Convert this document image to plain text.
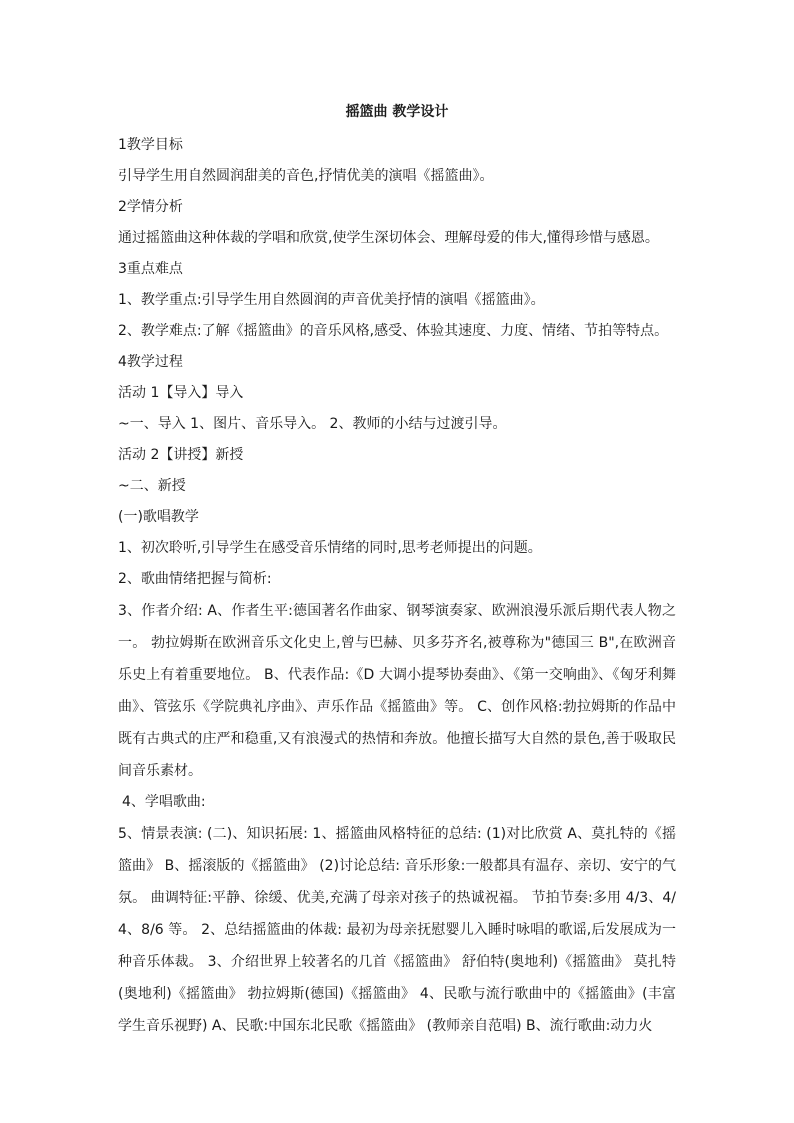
摇篮曲 教学设计
1教学目标
引导学生用自然圆润甜美的音色,抒情优美的演唱《摇篮曲》。
2学情分析
通过摇篮曲这种体裁的学唱和欣赏,使学生深切体会、理解母爱的伟大,懂得珍惜与感恩。
3重点难点
1、教学重点:引导学生用自然圆润的声音优美抒情的演唱《摇篮曲》。
2、教学难点:了解《摇篮曲》的音乐风格,感受、体验其速度、力度、情绪、节拍等特点。
4教学过程
活动 1【导入】导入
~一、导入 1、图片、音乐导入。 2、教师的小结与过渡引导。
活动 2【讲授】新授
~二、新授
(一)歌唱教学
1、初次聆听,引导学生在感受音乐情绪的同时,思考老师提出的问题。
2、歌曲情绪把握与简析:
3、作者介绍: A、作者生平:德国著名作曲家、钢琴演奏家、欧洲浪漫乐派后期代表人物之一。 勃拉姆斯在欧洲音乐文化史上,曾与巴赫、贝多芬齐名,被尊称为"德国三 B",在欧洲音乐史上有着重要地位。 B、代表作品:《D 大调小提琴协奏曲》、《第一交响曲》、《匈牙利舞曲》、管弦乐《学院典礼序曲》、声乐作品《摇篮曲》等。 C、创作风格:勃拉姆斯的作品中既有古典式的庄严和稳重,又有浪漫式的热情和奔放。他擅长描写大自然的景色,善于吸取民间音乐素材。
4、学唱歌曲:
5、情景表演: (二)、知识拓展: 1、摇篮曲风格特征的总结: (1)对比欣赏 A、莫扎特的《摇篮曲》 B、摇滚版的《摇篮曲》 (2)讨论总结: 音乐形象:一般都具有温存、亲切、安宁的气氛。 曲调特征:平静、徐缓、优美,充满了母亲对孩子的热诚祝福。 节拍节奏:多用 4/3、4/4、8/6 等。 2、总结摇篮曲的体裁: 最初为母亲抚慰婴儿入睡时咏唱的歌谣,后发展成为一种音乐体裁。 3、介绍世界上较著名的几首《摇篮曲》 舒伯特(奥地利)《摇篮曲》 莫扎特(奥地利)《摇篮曲》 勃拉姆斯(德国)《摇篮曲》 4、民歌与流行歌曲中的《摇篮曲》(丰富学生音乐视野) A、民歌:中国东北民歌《摇篮曲》 (教师亲自范唱) B、流行歌曲:动力火
